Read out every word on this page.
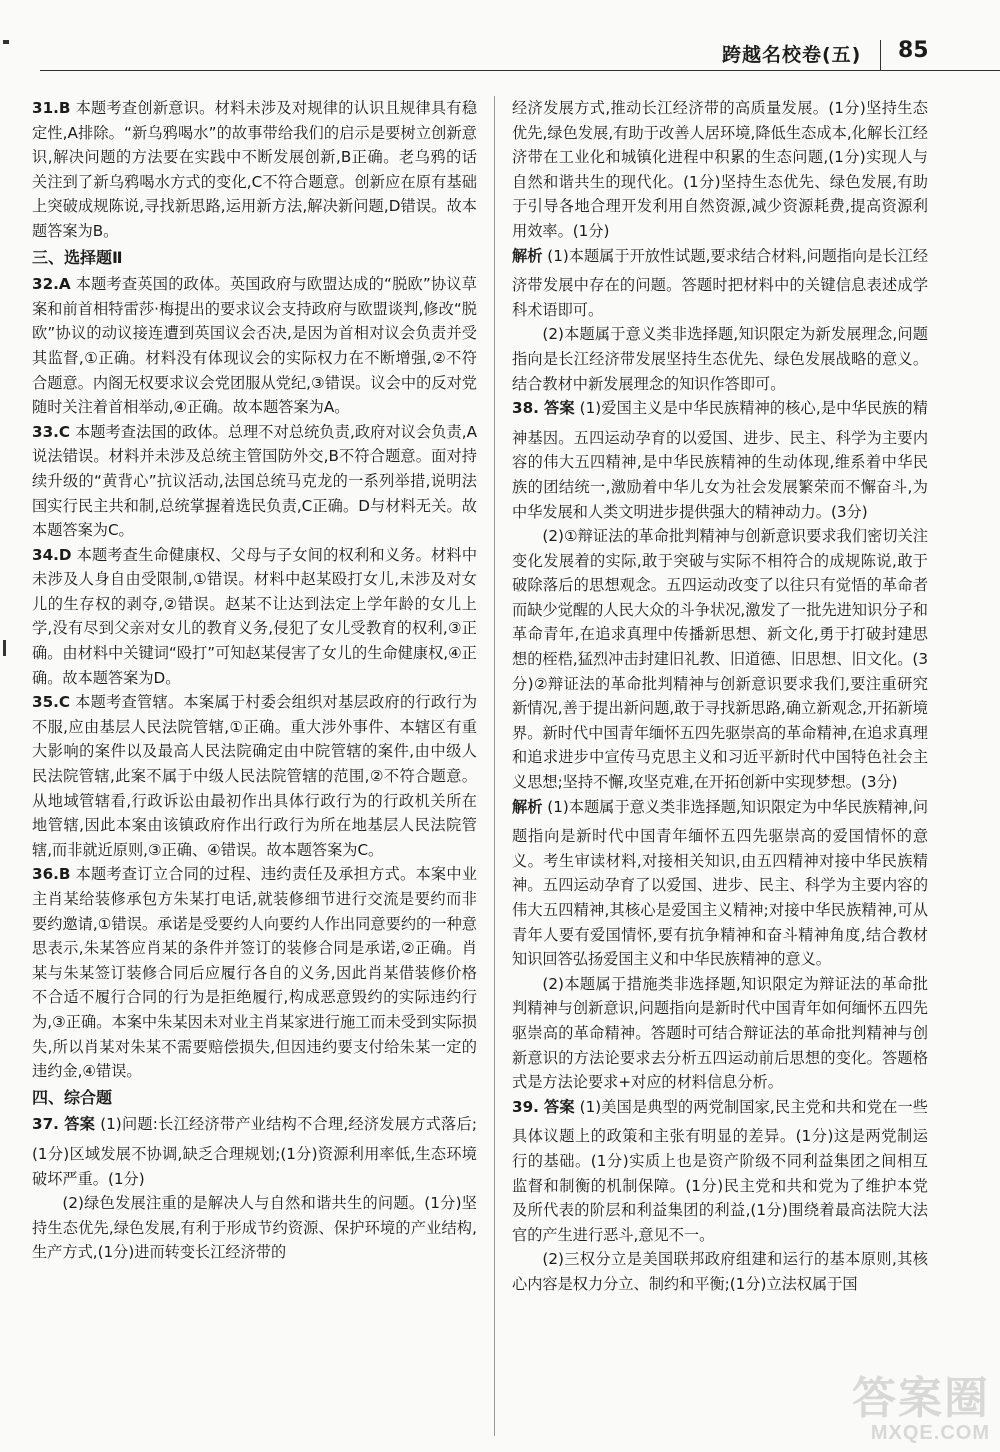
跨越名校卷(五) 85
31.B 本题考查创新意识。材料未涉及对规律的认识且规律具有稳定性,A排除。“新乌鸦喝水”的故事带给我们的启示是要树立创新意识,解决问题的方法要在实践中不断发展创新,B正确。老乌鸦的话关注到了新乌鸦喝水方式的变化,C不符合题意。创新应在原有基础上突破成规陈说,寻找新思路,运用新方法,解决新问题,D错误。故本题答案为B。
三、选择题Ⅱ
32.A 本题考查英国的政体。英国政府与欧盟达成的“脱欧”协议草案和前首相特雷莎·梅提出的要求议会支持政府与欧盟谈判,修改“脱欧”协议的动议接连遭到英国议会否决,是因为首相对议会负责并受其监督,①正确。材料没有体现议会的实际权力在不断增强,②不符合题意。内阁无权要求议会党团服从党纪,③错误。议会中的反对党随时关注着首相举动,④正确。故本题答案为A。
33.C 本题考查法国的政体。总理不对总统负责,政府对议会负责,A说法错误。材料并未涉及总统主管国防外交,B不符合题意。面对持续升级的“黄背心”抗议活动,法国总统马克龙的一系列举措,说明法国实行民主共和制,总统掌握着选民负责,C正确。D与材料无关。故本题答案为C。
34.D 本题考查生命健康权、父母与子女间的权利和义务。材料中未涉及人身自由受限制,①错误。材料中赵某殴打女儿,未涉及对女儿的生存权的剥夺,②错误。赵某不让达到法定上学年龄的女儿上学,没有尽到父亲对女儿的教育义务,侵犯了女儿受教育的权利,③正确。由材料中关键词“殴打”可知赵某侵害了女儿的生命健康权,④正确。故本题答案为D。
35.C 本题考查管辖。本案属于村委会组织对基层政府的行政行为不服,应由基层人民法院管辖,①正确。重大涉外事件、本辖区有重大影响的案件以及最高人民法院确定由中院管辖的案件,由中级人民法院管辖,此案不属于中级人民法院管辖的范围,②不符合题意。从地域管辖看,行政诉讼由最初作出具体行政行为的行政机关所在地管辖,因此本案由该镇政府作出行政行为所在地基层人民法院管辖,而非就近原则,③正确、④错误。故本题答案为C。
36.B 本题考查订立合同的过程、违约责任及承担方式。本案中业主肖某给装修承包方朱某打电话,就装修细节进行交流是要约而非要约邀请,①错误。承诺是受要约人向要约人作出同意要约的一种意思表示,朱某答应肖某的条件并签订的装修合同是承诺,②正确。肖某与朱某签订装修合同后应履行各自的义务,因此肖某借装修价格不合适不履行合同的行为是拒绝履行,构成恶意毁约的实际违约行为,③正确。本案中朱某因未对业主肖某家进行施工而未受到实际损失,所以肖某对朱某不需要赔偿损失,但因违约要支付给朱某一定的违约金,④错误。
四、综合题
37. 🖊 答案 (1)问题:长江经济带产业结构不合理,经济发展方式落后;(1分)区域发展不协调,缺乏合理规划;(1分)资源利用率低,生态环境破坏严重。(1分)
(2)绿色发展注重的是解决人与自然和谐共生的问题。(1分)坚持生态优先,绿色发展,有利于形成节约资源、保护环境的产业结构,生产方式,(1分)进而转变长江经济带的
经济发展方式,推动长江经济带的高质量发展。(1分)坚持生态优先,绿色发展,有助于改善人居环境,降低生态成本,化解长江经济带在工业化和城镇化进程中积累的生态问题,(1分)实现人与自然和谐共生的现代化。(1分)坚持生态优先、绿色发展,有助于引导各地合理开发利用自然资源,减少资源耗费,提高资源利用效率。(1分)
🖊 解析 (1)本题属于开放性试题,要求结合材料,问题指向是长江经济带发展中存在的问题。答题时把材料中的关键信息表述成学科术语即可。
(2)本题属于意义类非选择题,知识限定为新发展理念,问题指向是长江经济带发展坚持生态优先、绿色发展战略的意义。结合教材中新发展理念的知识作答即可。
38. 🖊 答案 (1)爱国主义是中华民族精神的核心,是中华民族的精神基因。五四运动孕育的以爱国、进步、民主、科学为主要内容的伟大五四精神,是中华民族精神的生动体现,维系着中华民族的团结统一,激励着中华儿女为社会发展繁荣而不懈奋斗,为中华发展和人类文明进步提供强大的精神动力。(3分)
(2)①辩证法的革命批判精神与创新意识要求我们密切关注变化发展着的实际,敢于突破与实际不相符合的成规陈说,敢于破除落后的思想观念。五四运动改变了以往只有觉悟的革命者而缺少觉醒的人民大众的斗争状况,激发了一批先进知识分子和革命青年,在追求真理中传播新思想、新文化,勇于打破封建思想的桎梏,猛烈冲击封建旧礼教、旧道德、旧思想、旧文化。(3分)②辩证法的革命批判精神与创新意识要求我们,要注重研究新情况,善于提出新问题,敢于寻找新思路,确立新观念,开拓新境界。新时代中国青年缅怀五四先驱崇高的革命精神,在追求真理和追求进步中宣传马克思主义和习近平新时代中国特色社会主义思想;坚持不懈,攻坚克难,在开拓创新中实现梦想。(3分)
🖊 解析 (1)本题属于意义类非选择题,知识限定为中华民族精神,问题指向是新时代中国青年缅怀五四先驱崇高的爱国情怀的意义。考生审读材料,对接相关知识,由五四精神对接中华民族精神。五四运动孕育了以爱国、进步、民主、科学为主要内容的伟大五四精神,其核心是爱国主义精神;对接中华民族精神,可从青年人要有爱国情怀,要有抗争精神和奋斗精神角度,结合教材知识回答弘扬爱国主义和中华民族精神的意义。
(2)本题属于措施类非选择题,知识限定为辩证法的革命批判精神与创新意识,问题指向是新时代中国青年如何缅怀五四先驱崇高的革命精神。答题时可结合辩证法的革命批判精神与创新意识的方法论要求去分析五四运动前后思想的变化。答题格式是方法论要求+对应的材料信息分析。
39. 🖊 答案 (1)美国是典型的两党制国家,民主党和共和党在一些具体议题上的政策和主张有明显的差异。(1分)这是两党制运行的基础。(1分)实质上也是资产阶级不同利益集团之间相互监督和制衡的机制保障。(1分)民主党和共和党为了维护本党及所代表的阶层和利益集团的利益,(1分)围绕着最高法院大法官的产生进行恶斗,意见不一。
(2)三权分立是美国联邦政府组建和运行的基本原则,其核心内容是权力分立、制约和平衡;(1分)立法权属于国
答案圈
MXQE.COM
